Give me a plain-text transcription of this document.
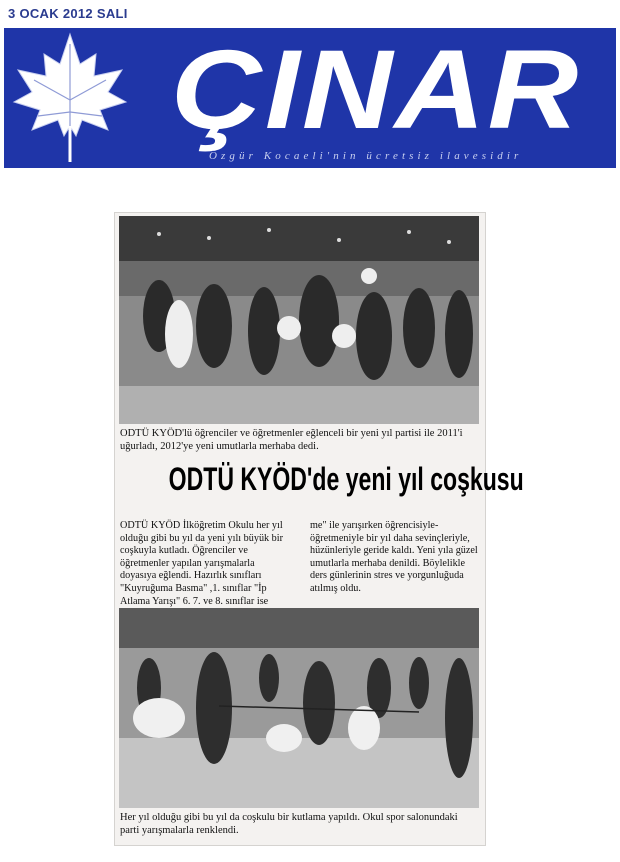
3 OCAK 2012 SALI
ÇINAR
Özgür Kocaeli'nin ücretsiz ilavesidir
ODTÜ KYÖD'lü öğrenciler ve öğretmenler eğlenceli bir yeni yıl partisi ile 2011'i uğurladı, 2012'ye yeni umutlarla merhaba dedi.
ODTÜ KYÖD'de yeni yıl coşkusu

ODTÜ KYÖD İlköğretim Okulu her yıl olduğu gibi bu yıl da yeni yılı büyük bir coşkuyla kutladı. Öğrenciler ve öğretmenler yapılan yarışmalarla doyasıya eğlendi. Hazırlık sınıfları "Kuyruğuma Basma" ,1. sınıflar "İp Atlama Yarışı" 6. 7. ve 8. sınıflar ise

me" ile yarışırken öğrencisiyle-öğretmeniyle bir yıl daha sevinçleriyle, hüzünleriyle geride kaldı. Yeni yıla güzel umutlarla merhaba denildi. Böylelikle ders günlerinin stres ve yorgunluğuda atılmış oldu.

Her yıl olduğu gibi bu yıl da coşkulu bir kutlama yapıldı. Okul spor salonundaki parti yarışmalarla renklendi.
